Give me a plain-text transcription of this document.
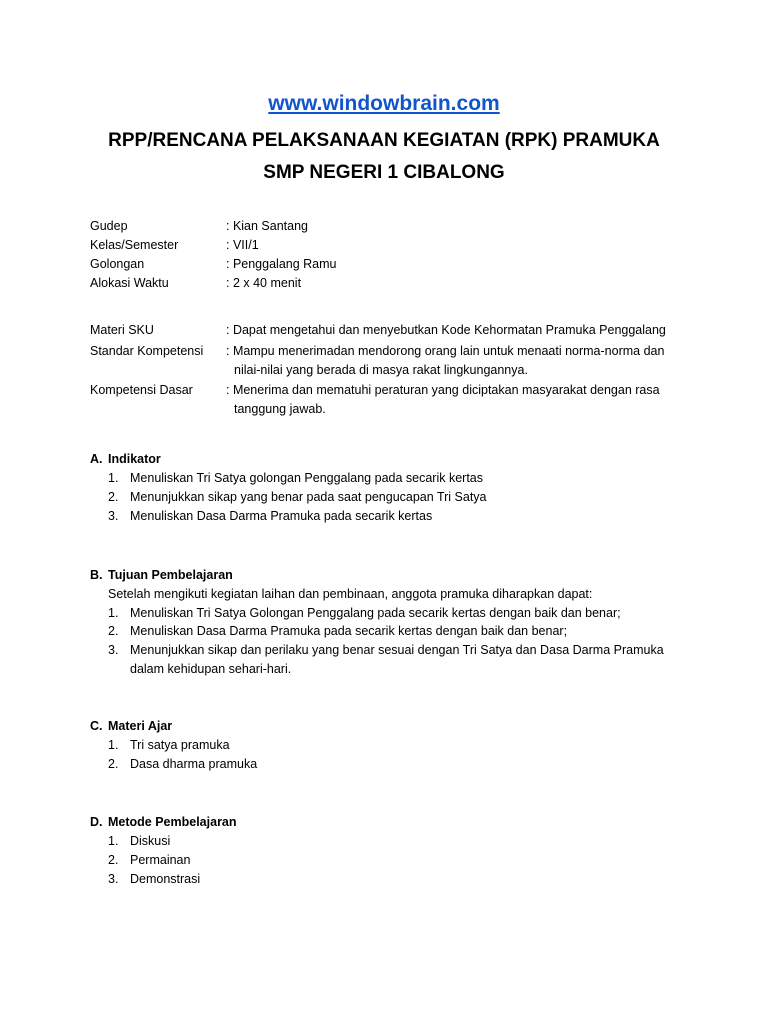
www.windowbrain.com
RPP/RENCANA PELAKSANAAN KEGIATAN (RPK) PRAMUKA
SMP NEGERI 1 CIBALONG
Gudep	: Kian Santang
Kelas/Semester	: VII/1
Golongan	: Penggalang Ramu
Alokasi Waktu	: 2 x 40 menit
Materi SKU	: Dapat mengetahui dan menyebutkan Kode Kehormatan Pramuka Penggalang
Standar Kompetensi : Mampu menerimadan mendorong orang lain untuk menaati norma-norma dan
nilai-nilai yang berada di masya rakat lingkungannya.
Kompetensi Dasar	: Menerima dan mematuhi peraturan yang diciptakan masyarakat dengan rasa
tanggung jawab.
A. Indikator
1. Menuliskan Tri Satya golongan Penggalang pada secarik kertas
2. Menunjukkan sikap yang benar pada saat pengucapan Tri Satya
3. Menuliskan Dasa Darma Pramuka pada secarik kertas
B. Tujuan Pembelajaran
Setelah mengikuti kegiatan laihan dan pembinaan, anggota pramuka diharapkan dapat:
1. Menuliskan Tri Satya Golongan Penggalang pada secarik kertas dengan baik dan benar;
2. Menuliskan Dasa Darma Pramuka pada secarik kertas dengan baik dan benar;
3. Menunjukkan sikap dan perilaku yang benar sesuai dengan Tri Satya dan Dasa Darma Pramuka
dalam kehidupan sehari-hari.
C. Materi Ajar
1. Tri satya pramuka
2. Dasa dharma pramuka
D. Metode Pembelajaran
1. Diskusi
2. Permainan
3. Demonstrasi
